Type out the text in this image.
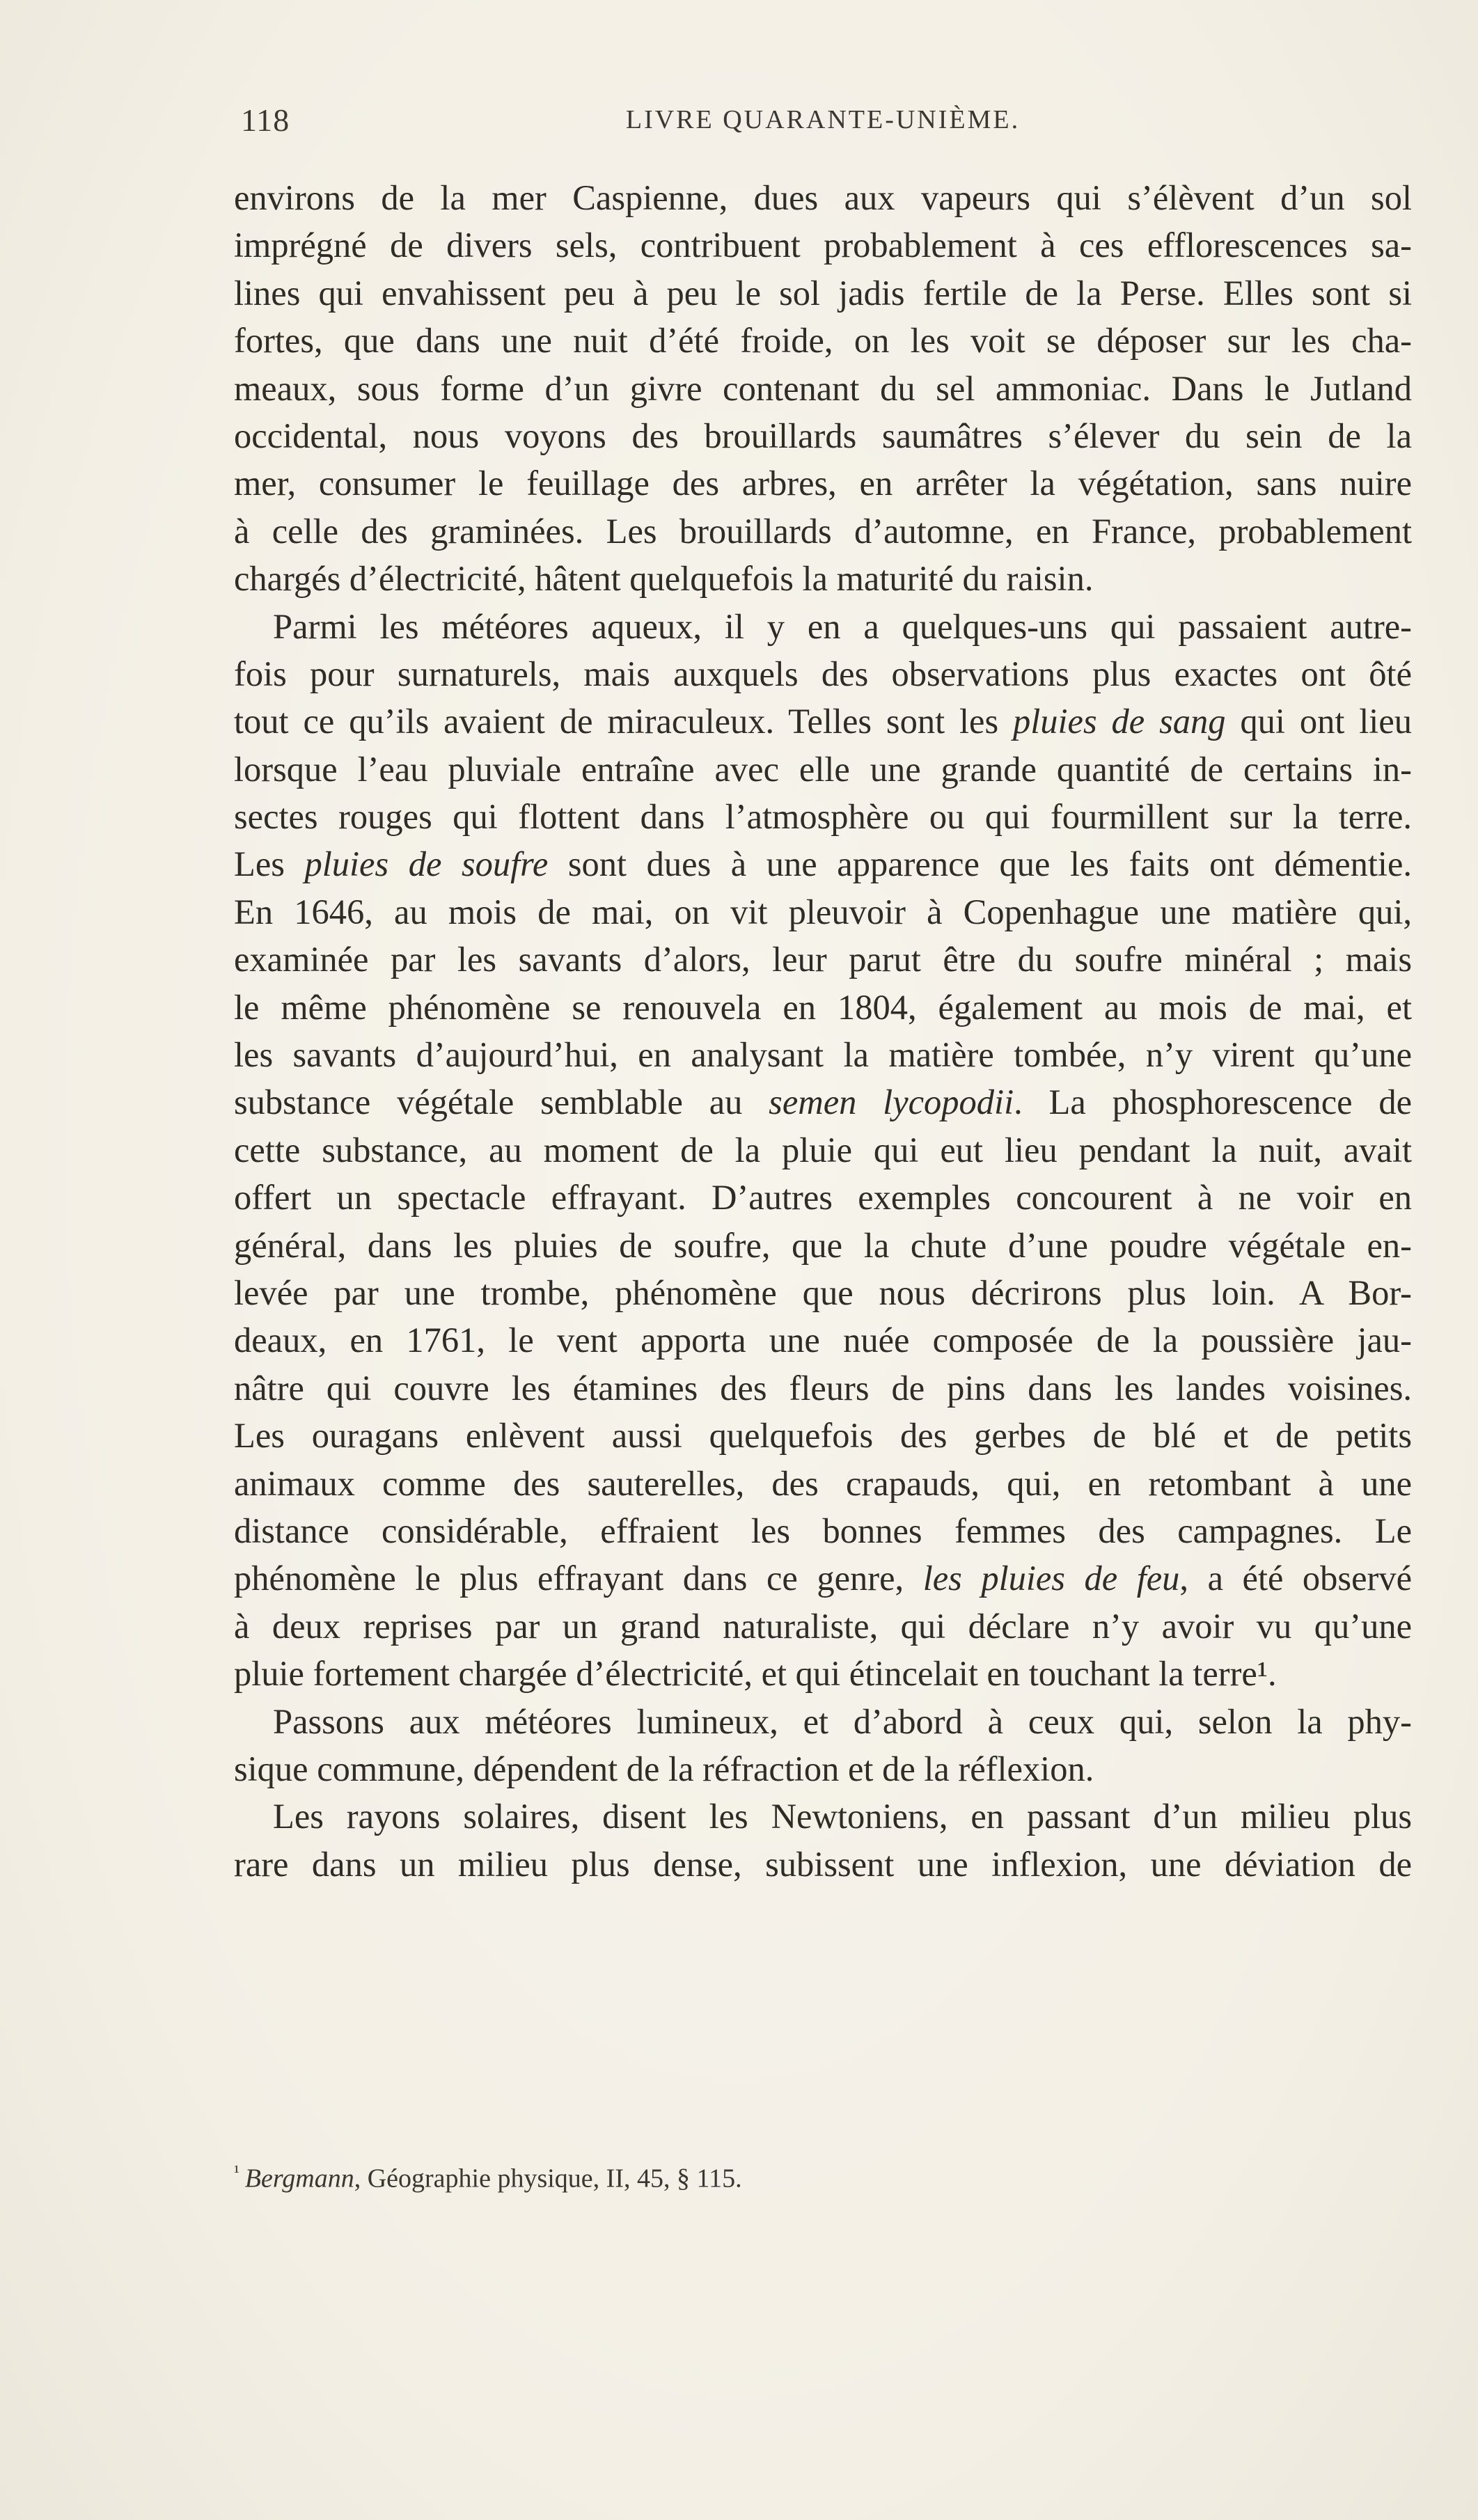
118	LIVRE QUARANTE-UNIÈME.
environs de la mer Caspienne, dues aux vapeurs qui s’élèvent d’un sol
imprégné de divers sels, contribuent probablement à ces efflorescences sa-
lines qui envahissent peu à peu le sol jadis fertile de la Perse. Elles sont si
fortes, que dans une nuit d’été froide, on les voit se déposer sur les cha-
meaux, sous forme d’un givre contenant du sel ammoniac. Dans le Jutland
occidental, nous voyons des brouillards saumâtres s’élever du sein de la
mer, consumer le feuillage des arbres, en arrêter la végétation, sans nuire
à celle des graminées. Les brouillards d’automne, en France, probablement
chargés d’électricité, hâtent quelquefois la maturité du raisin.
Parmi les météores aqueux, il y en a quelques-uns qui passaient autre-
fois pour surnaturels, mais auxquels des observations plus exactes ont ôté
tout ce qu’ils avaient de miraculeux. Telles sont les pluies de sang qui ont lieu
lorsque l’eau pluviale entraîne avec elle une grande quantité de certains in-
sectes rouges qui flottent dans l’atmosphère ou qui fourmillent sur la terre.
Les pluies de soufre sont dues à une apparence que les faits ont démentie.
En 1646, au mois de mai, on vit pleuvoir à Copenhague une matière qui,
examinée par les savants d’alors, leur parut être du soufre minéral ; mais
le même phénomène se renouvela en 1804, également au mois de mai, et
les savants d’aujourd’hui, en analysant la matière tombée, n’y virent qu’une
substance végétale semblable au semen lycopodii. La phosphorescence de
cette substance, au moment de la pluie qui eut lieu pendant la nuit, avait
offert un spectacle effrayant. D’autres exemples concourent à ne voir en
général, dans les pluies de soufre, que la chute d’une poudre végétale en-
levée par une trombe, phénomène que nous décrirons plus loin. A Bor-
deaux, en 1761, le vent apporta une nuée composée de la poussière jau-
nâtre qui couvre les étamines des fleurs de pins dans les landes voisines.
Les ouragans enlèvent aussi quelquefois des gerbes de blé et de petits
animaux comme des sauterelles, des crapauds, qui, en retombant à une
distance considérable, effraient les bonnes femmes des campagnes. Le
phénomène le plus effrayant dans ce genre, les pluies de feu, a été observé
à deux reprises par un grand naturaliste, qui déclare n’y avoir vu qu’une
pluie fortement chargée d’électricité, et qui étincelait en touchant la terre¹.
Passons aux météores lumineux, et d’abord à ceux qui, selon la phy-
sique commune, dépendent de la réfraction et de la réflexion.
Les rayons solaires, disent les Newtoniens, en passant d’un milieu plus
rare dans un milieu plus dense, subissent une inflexion, une déviation de
$^{^1}$ Bergmann, Géographie physique, II, 45, § 115.
